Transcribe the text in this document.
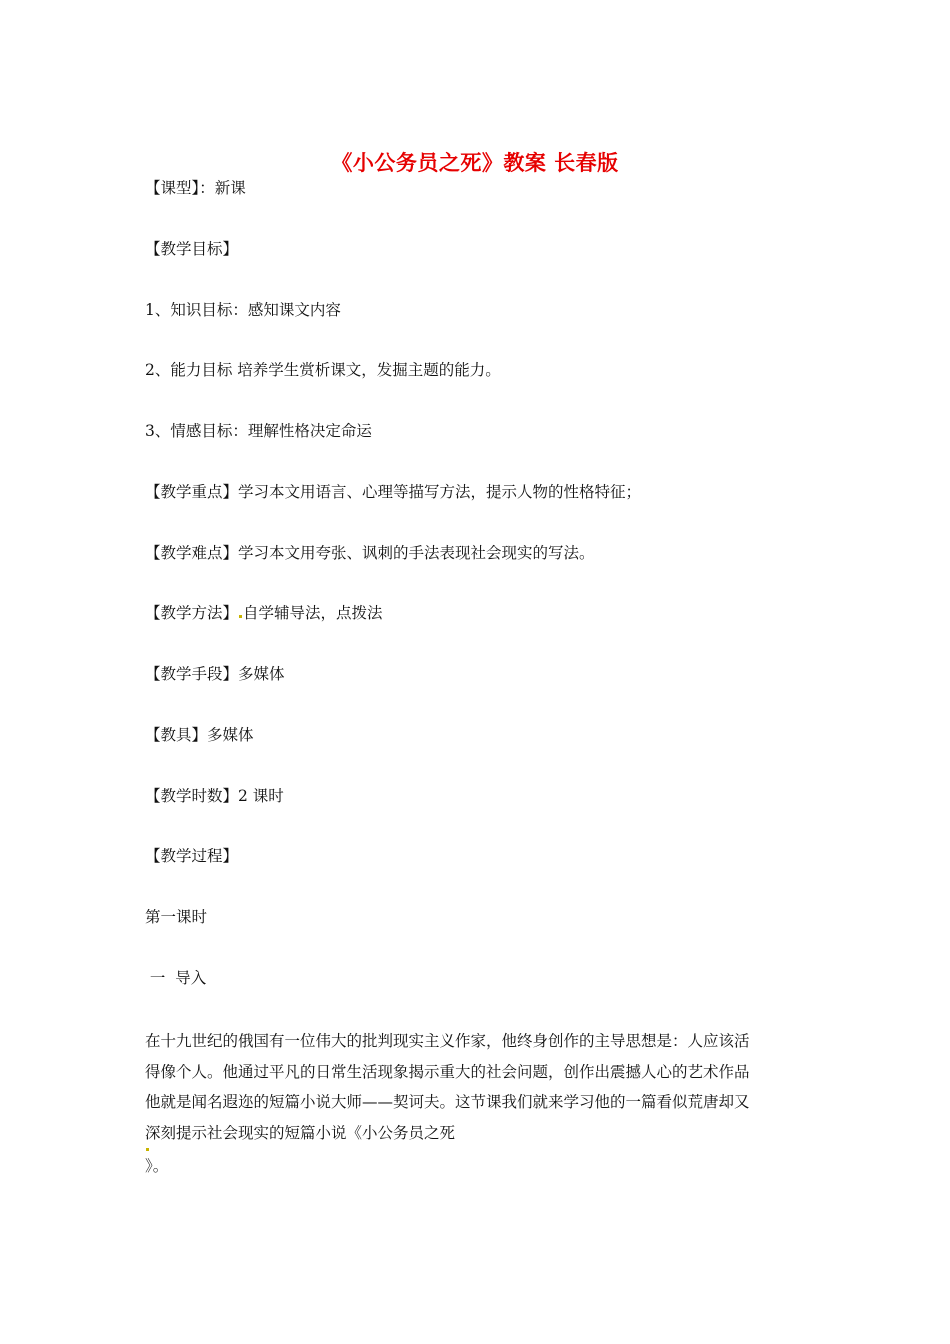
《小公务员之死》教案 长春版
【课型】：新课
【教学目标】
1、知识目标：感知课文内容
2、能力目标 培养学生赏析课文，发掘主题的能力。
3、情感目标：理解性格决定命运
【教学重点】学习本文用语言、心理等描写方法，提示人物的性格特征；
【教学难点】学习本文用夸张、讽刺的手法表现社会现实的写法。
【教学方法】 自学辅导法，点拨法
【教学手段】多媒体
【教具】多媒体
【教学时数】2 课时
【教学过程】
第一课时
一  导入
在十九世纪的俄国有一位伟大的批判现实主义作家，他终身创作的主导思想是：人应该活
得像个人。他通过平凡的日常生活现象揭示重大的社会问题，创作出震撼人心的艺术作品
他就是闻名遐迩的短篇小说大师——契诃夫。这节课我们就来学习他的一篇看似荒唐却又
深刻提示社会现实的短篇小说《小公务员之死
》。
